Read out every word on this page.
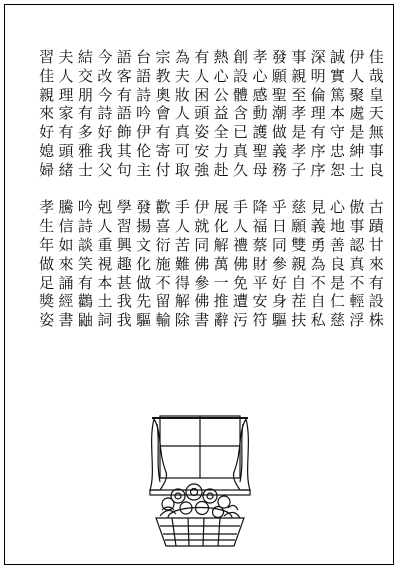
佳
哉
皇
天
無
事
良

古
蹟
甘
來
有
設
株
伊
人
聚
處
是
紳
士

傲
事
認
真
不
輕
浮
誠
實
篤
本
守
忠
恕

心
地
善
良
是
仁
慈
深
明
倫
理
有
序
序

見
義
勇
為
不
自
私
事
親
至
孝
是
孝
子

慈
願
雙
親
自
茬
扶
發
願
聖
潮
做
義
務

乎
日
同
參
好
身
驅
孝
心
感
動
護
聖
母

降
福
蔡
財
平
安
符
創
設
體
含
已
真
久

手
人
禮
佛
免
遭
污
熱
心
公
益
全
力
赴

展
化
解
萬
一
推
辭
有
人
困
頭
姿
安
強

伊
就
同
佛
參
佛
書
為
夫
妝
人
真
可
取

手
人
苦
難
得
解
除
宗
教
奧
會
有
寄
付

歡
喜
衍
施
不
留
輸
台
語
詩
吟
伊
伦
主

發
揚
文
化
做
先
驅
語
客
有
語
飾
其
句

學
習
興
趣
甚
我
我
今
改
今
詩
好
我
父

剋
人
重
視
本
土
詞
結
交
朋
有
多
雅
士

吟
詩
談
笑
有
鸛
鼬
夫
人
理
家
有
頭
緒

騰
信
如
來
誦
經
書
習
佳
親
來
好
媳
婦

孝
生
年
做
足
獎
姿
